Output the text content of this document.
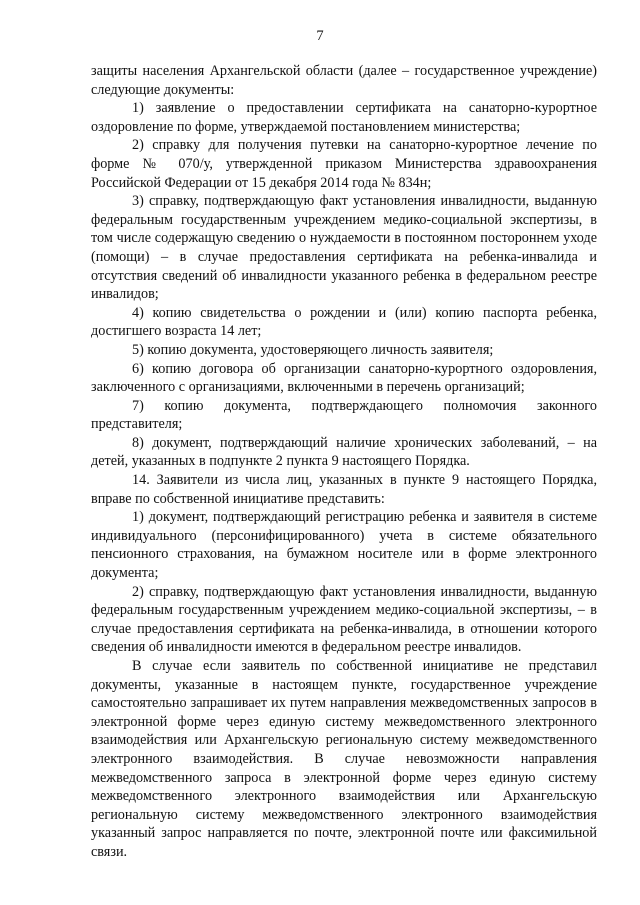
7

защиты населения Архангельской области (далее – государственное учреждение) следующие документы:

1) заявление о предоставлении сертификата на санаторно-курортное оздоровление по форме, утверждаемой постановлением министерства;

2) справку для получения путевки на санаторно-курортное лечение по форме № 070/у, утвержденной приказом Министерства здравоохранения Российской Федерации от 15 декабря 2014 года № 834н;

3) справку, подтверждающую факт установления инвалидности, выданную федеральным государственным учреждением медико-социальной экспертизы, в том числе содержащую сведению о нуждаемости в постоянном постороннем уходе (помощи) – в случае предоставления сертификата на ребенка-инвалида и отсутствия сведений об инвалидности указанного ребенка в федеральном реестре инвалидов;

4) копию свидетельства о рождении и (или) копию паспорта ребенка, достигшего возраста 14 лет;

5) копию документа, удостоверяющего личность заявителя;

6) копию договора об организации санаторно-курортного оздоровления, заключенного с организациями, включенными в перечень организаций;

7) копию документа, подтверждающего полномочия законного представителя;

8) документ, подтверждающий наличие хронических заболеваний, – на детей, указанных в подпункте 2 пункта 9 настоящего Порядка.

14. Заявители из числа лиц, указанных в пункте 9 настоящего Порядка, вправе по собственной инициативе представить:

1) документ, подтверждающий регистрацию ребенка и заявителя в системе индивидуального (персонифицированного) учета в системе обязательного пенсионного страхования, на бумажном носителе или в форме электронного документа;

2) справку, подтверждающую факт установления инвалидности, выданную федеральным государственным учреждением медико-социальной экспертизы, – в случае предоставления сертификата на ребенка-инвалида, в отношении которого сведения об инвалидности имеются в федеральном реестре инвалидов.

В случае если заявитель по собственной инициативе не представил документы, указанные в настоящем пункте, государственное учреждение самостоятельно запрашивает их путем направления межведомственных запросов в электронной форме через единую систему межведомственного электронного взаимодействия или Архангельскую региональную систему межведомственного электронного взаимодействия. В случае невозможности направления межведомственного запроса в электронной форме через единую систему межведомственного электронного взаимодействия или Архангельскую региональную систему межведомственного электронного взаимодействия указанный запрос направляется по почте, электронной почте или факсимильной связи.
